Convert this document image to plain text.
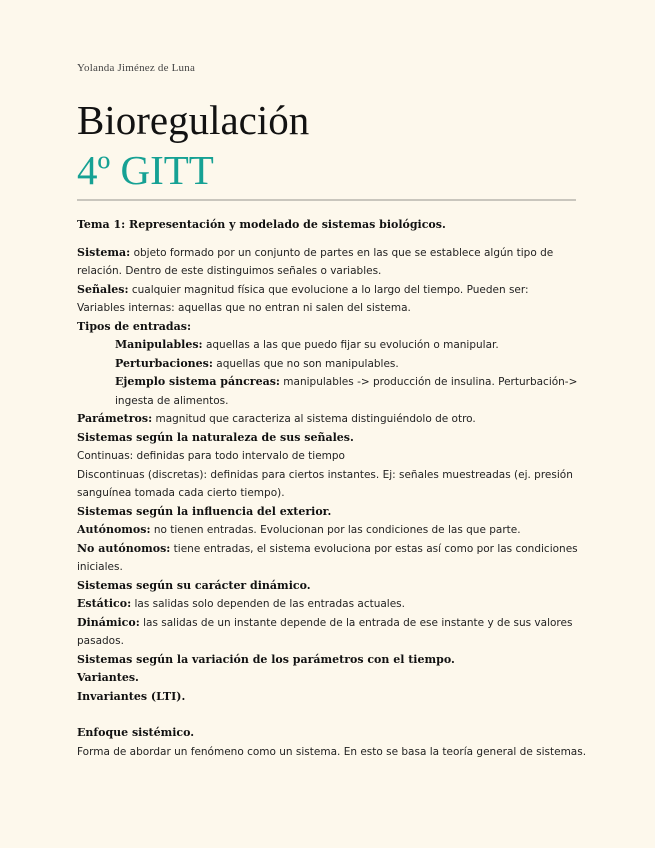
Yolanda Jiménez de Luna
Bioregulación
4º GITT
Tema 1: Representación y modelado de sistemas biológicos.
Sistema: objeto formado por un conjunto de partes en las que se establece algún tipo de
relación. Dentro de este distinguimos señales o variables.
Señales: cualquier magnitud física que evolucione a lo largo del tiempo. Pueden ser:
Variables internas: aquellas que no entran ni salen del sistema.
Tipos de entradas:
Manipulables: aquellas a las que puedo fijar su evolución o manipular.
Perturbaciones: aquellas que no son manipulables.
Ejemplo sistema páncreas: manipulables -> producción de insulina. Perturbación->
ingesta de alimentos.
Parámetros: magnitud que caracteriza al sistema distinguiéndolo de otro.
Sistemas según la naturaleza de sus señales.
Continuas: definidas para todo intervalo de tiempo
Discontinuas (discretas): definidas para ciertos instantes. Ej: señales muestreadas (ej. presión
sanguínea tomada cada cierto tiempo).
Sistemas según la influencia del exterior.
Autónomos: no tienen entradas. Evolucionan por las condiciones de las que parte.
No autónomos: tiene entradas, el sistema evoluciona por estas así como por las condiciones
iniciales.
Sistemas según su carácter dinámico.
Estático: las salidas solo dependen de las entradas actuales.
Dinámico: las salidas de un instante depende de la entrada de ese instante y de sus valores
pasados.
Sistemas según la variación de los parámetros con el tiempo.
Variantes.
Invariantes (LTI).
Enfoque sistémico.
Forma de abordar un fenómeno como un sistema. En esto se basa la teoría general de sistemas.
